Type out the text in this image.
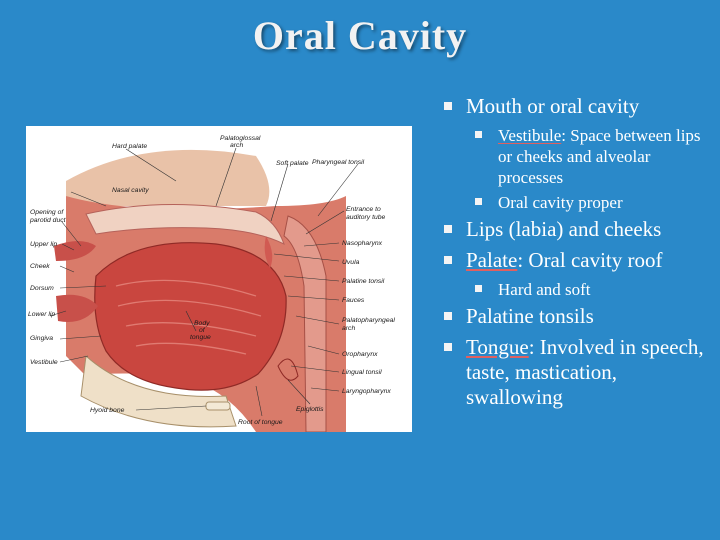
Oral Cavity
Hard palate
Palatoglossal
arch
Soft palate Pharyngeal tonsil
Nasal cavity
Opening of
parotid duct
Entrance to
auditory tube
Upper lip	Nasopharynx
Uvula
Cheek
Palatine tonsil
Dorsum
Fauces
Lower lip
Body
of
tongue
Palatopharyngeal
arch
Gingiva
Oropharynx
Vestibule
Lingual tonsil
Laryngopharynx
Hyoid bone	Epiglottis
Root of tongue
Mouth or oral cavity
Vestibule: Space between lips or cheeks and alveolar processes
Oral cavity proper
Lips (labia) and cheeks
Palate: Oral cavity roof
Hard and soft
Palatine tonsils
Tongue: Involved in speech, taste, mastication, swallowing
